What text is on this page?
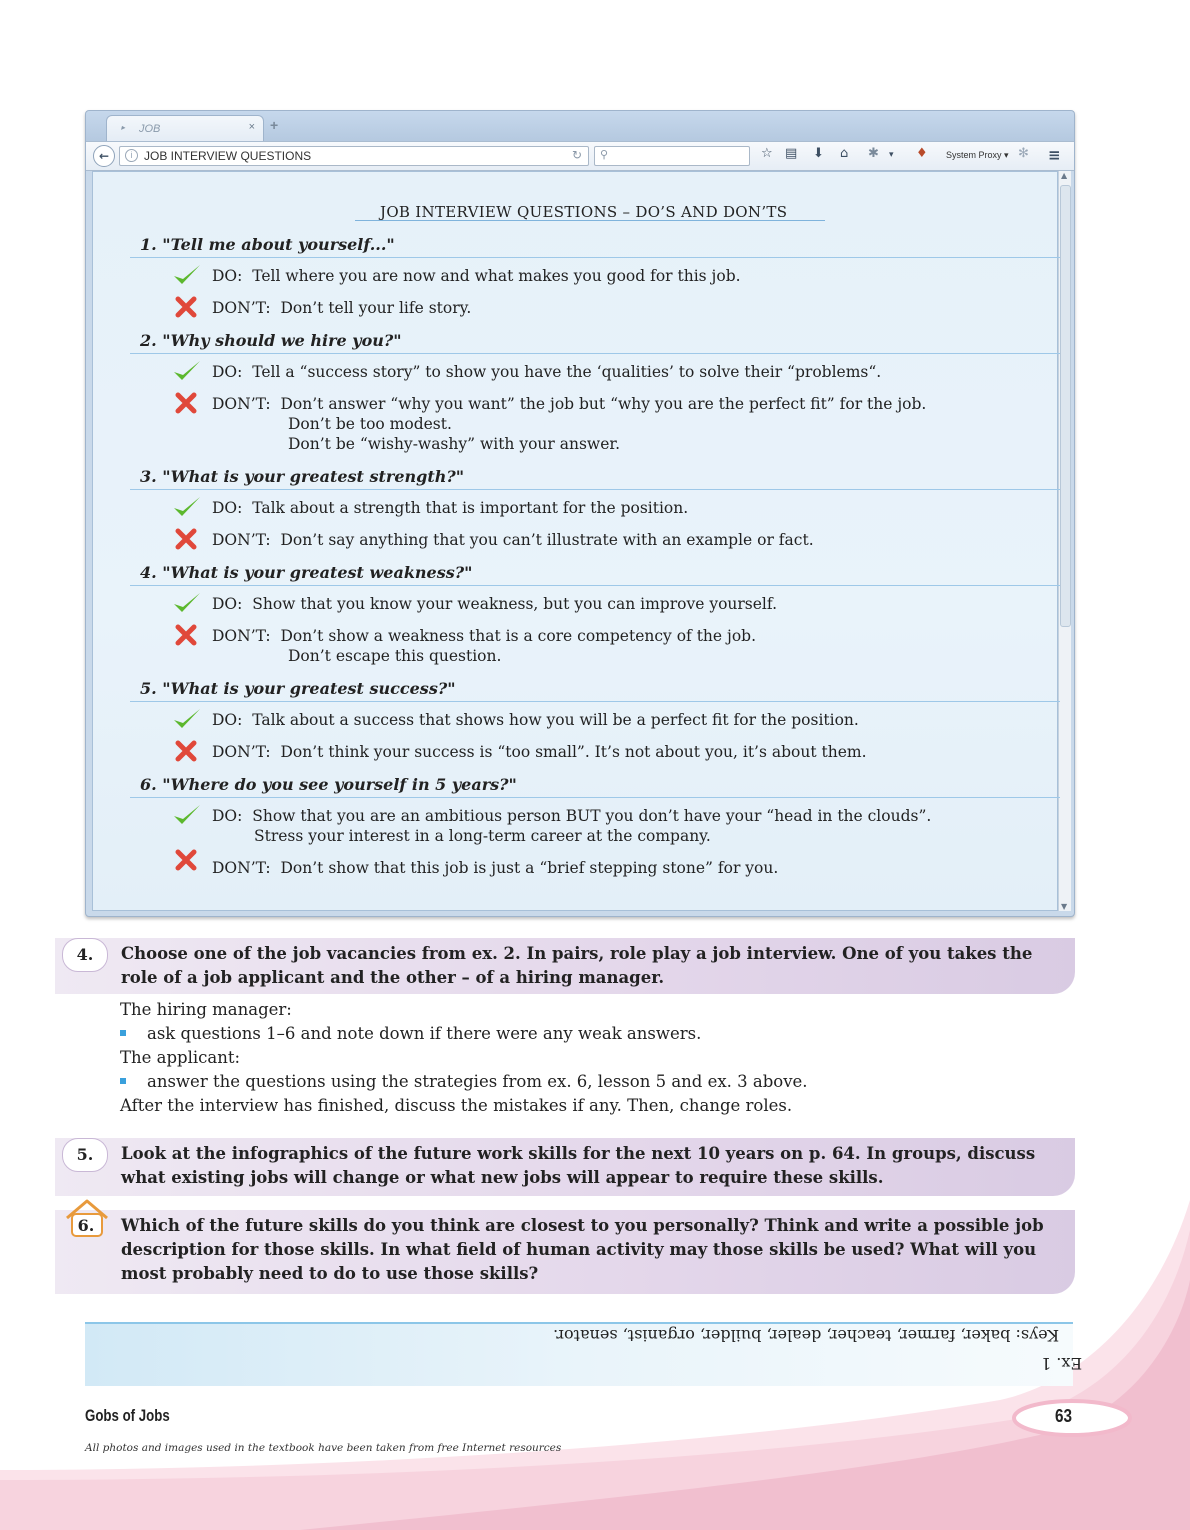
▸ JOB	× +
←	i JOB INTERVIEW QUESTIONS	↻ ⚲	☆ ▤ ⬇ ⌂ ✱ ▾ ♦ System Proxy ▾ ✻ ≡
▲
▼
JOB INTERVIEW QUESTIONS – DO’S AND DON’TS
1. "Tell me about yourself..."
DO: Tell where you are now and what makes you good for this job.
DON’T: Don’t tell your life story.
2. "Why should we hire you?"
DO: Tell a “success story” to show you have the ‘qualities’ to solve their “problems“.
DON’T: Don’t answer “why you want” the job but “why you are the perfect fit” for the job.
Don’t be too modest.
Don’t be “wishy-washy” with your answer.
3. "What is your greatest strength?"
DO: Talk about a strength that is important for the position.
DON’T: Don’t say anything that you can’t illustrate with an example or fact.
4. "What is your greatest weakness?"
DO: Show that you know your weakness, but you can improve yourself.
DON’T: Don’t show a weakness that is a core competency of the job.
Don’t escape this question.
5. "What is your greatest success?"
DO: Talk about a success that shows how you will be a perfect fit for the position.
DON’T: Don’t think your success is “too small”. It’s not about you, it’s about them.
6. "Where do you see yourself in 5 years?"
DO: Show that you are an ambitious person BUT you don’t have your “head in the clouds”.
Stress your interest in a long-term career at the company.
DON’T: Don’t show that this job is just a “brief stepping stone” for you.
4.	Choose one of the job vacancies from ex. 2. In pairs, role play a job interview. One of you takes the
role of a job applicant and the other – of a hiring manager.
The hiring manager:
ask questions 1–6 and note down if there were any weak answers.
The applicant:
answer the questions using the strategies from ex. 6, lesson 5 and ex. 3 above.
After the interview has finished, discuss the mistakes if any. Then, change roles.
5.	Look at the infographics of the future work skills for the next 10 years on p. 64. In groups, discuss
what existing jobs will change or what new jobs will appear to require these skills.
6.	Which of the future skills do you think are closest to you personally? Think and write a possible job
description for those skills. In what field of human activity may those skills be used? What will you
most probably need to do to use those skills?
Keys: baker, farmer, teacher, dealer, builder, organist, senator.
Ex. 1
Gobs of Jobs
All photos and images used in the textbook have been taken from free Internet resources
63
